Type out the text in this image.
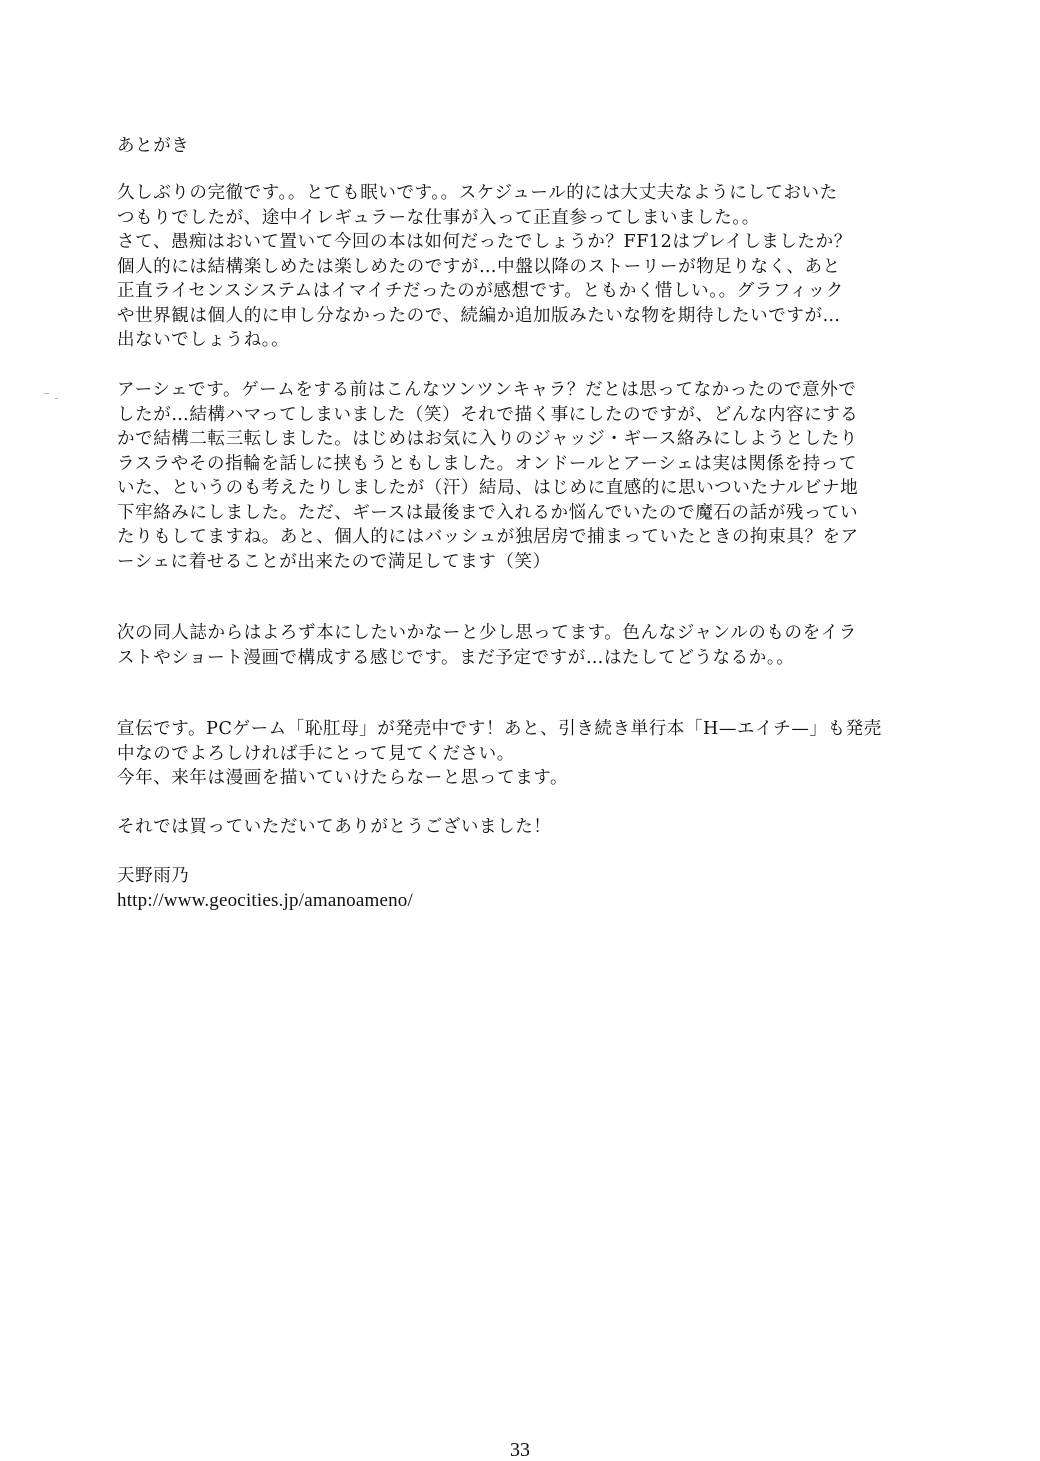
あとがき
久しぶりの完徹です。。とても眠いです。。スケジュール的には大丈夫なようにしておいた
つもりでしたが、途中イレギュラーな仕事が入って正直参ってしまいました。。
さて、愚痴はおいて置いて今回の本は如何だったでしょうか？FF12はプレイしましたか？
個人的には結構楽しめたは楽しめたのですが…中盤以降のストーリーが物足りなく、あと
正直ライセンスシステムはイマイチだったのが感想です。ともかく惜しい。。グラフィック
や世界観は個人的に申し分なかったので、続編か追加版みたいな物を期待したいですが…
出ないでしょうね。。
アーシェです。ゲームをする前はこんなツンツンキャラ？だとは思ってなかったので意外で
したが…結構ハマってしまいました（笑）それで描く事にしたのですが、どんな内容にする
かで結構二転三転しました。はじめはお気に入りのジャッジ・ギース絡みにしようとしたり
ラスラやその指輪を話しに挟もうともしました。オンドールとアーシェは実は関係を持って
いた、というのも考えたりしましたが（汗）結局、はじめに直感的に思いついたナルビナ地
下牢絡みにしました。ただ、ギースは最後まで入れるか悩んでいたので魔石の話が残ってい
たりもしてますね。あと、個人的にはバッシュが独居房で捕まっていたときの拘束具？をア
ーシェに着せることが出来たので満足してます（笑）
次の同人誌からはよろず本にしたいかなーと少し思ってます。色んなジャンルのものをイラ
ストやショート漫画で構成する感じです。まだ予定ですが…はたしてどうなるか。。
宣伝です。PCゲーム「恥肛母」が発売中です！あと、引き続き単行本「H—エイチ—」も発売
中なのでよろしければ手にとって見てください。
今年、来年は漫画を描いていけたらなーと思ってます。
それでは買っていただいてありがとうございました！
天野雨乃
http://www.geocities.jp/amanoameno/
33
